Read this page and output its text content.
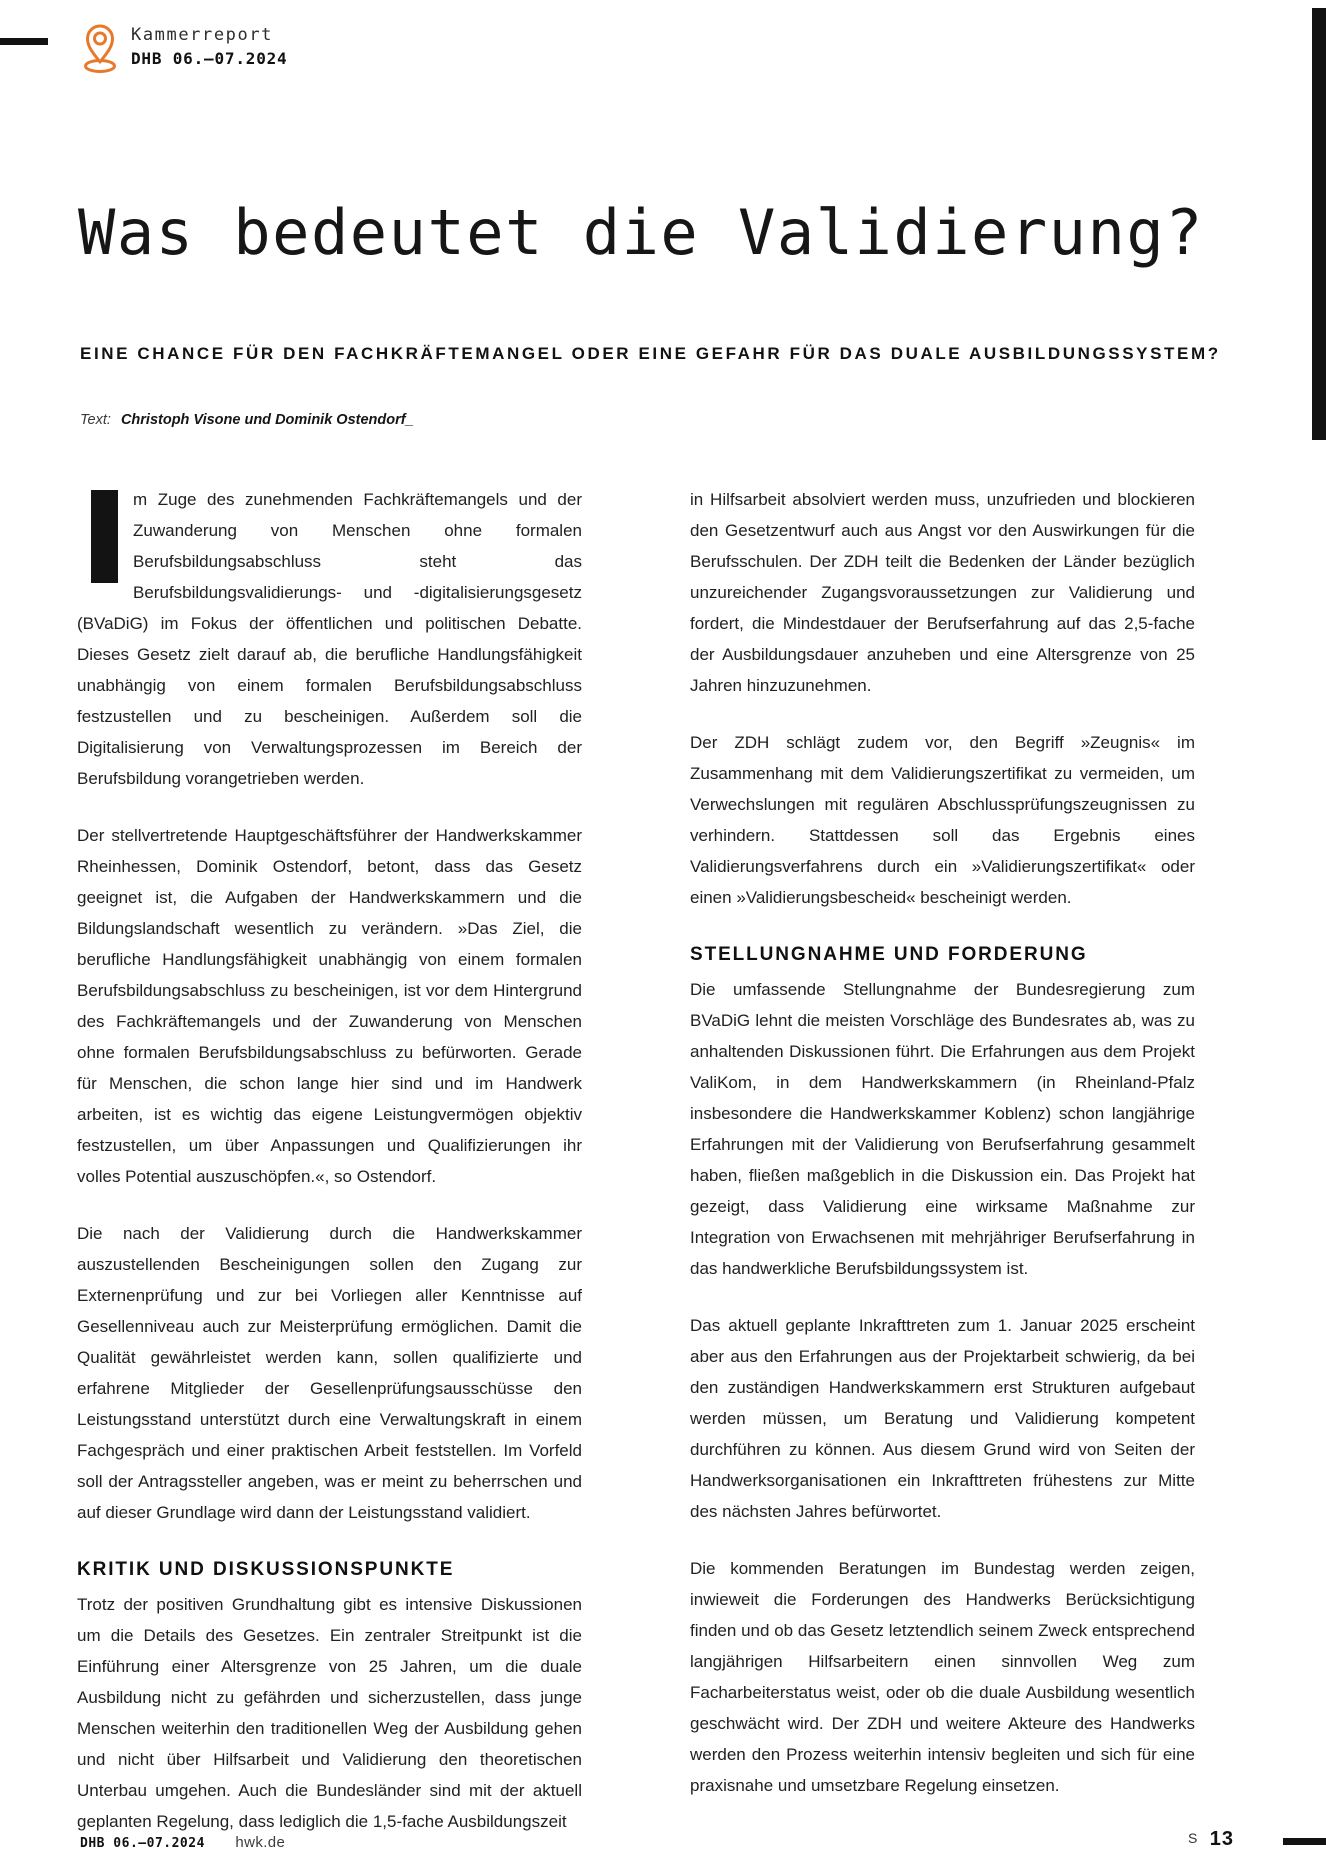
Kammerreport
DHB 06.–07.2024
Was bedeutet die Validierung?
EINE CHANCE FÜR DEN FACHKRÄFTEMANGEL ODER EINE GEFAHR FÜR DAS DUALE AUSBILDUNGSSYSTEM?

Text: Christoph Visone und Dominik Ostendorf_

m Zuge des zunehmenden Fachkräftemangels und der Zuwanderung von Menschen ohne formalen Berufsbildungsabschluss steht das Berufsbildungsvalidierungs- und -digitalisierungsgesetz (BVaDiG) im Fokus der öffentlichen und politischen Debatte. Dieses Gesetz zielt darauf ab, die berufliche Handlungsfähigkeit unabhängig von einem formalen Berufsbildungsabschluss festzustellen und zu bescheinigen. Außerdem soll die Digitalisierung von Verwaltungsprozessen im Bereich der Berufsbildung vorangetrieben werden.

Der stellvertretende Hauptgeschäftsführer der Handwerkskammer Rheinhessen, Dominik Ostendorf, betont, dass das Gesetz geeignet ist, die Aufgaben der Handwerkskammern und die Bildungslandschaft wesentlich zu verändern. »Das Ziel, die berufliche Handlungsfähigkeit unabhängig von einem formalen Berufsbildungsabschluss zu bescheinigen, ist vor dem Hintergrund des Fachkräftemangels und der Zuwanderung von Menschen ohne formalen Berufsbildungsabschluss zu befürworten. Gerade für Menschen, die schon lange hier sind und im Handwerk arbeiten, ist es wichtig das eigene Leistungvermögen objektiv festzustellen, um über Anpassungen und Qualifizierungen ihr volles Potential auszuschöpfen.«, so Ostendorf.

Die nach der Validierung durch die Handwerkskammer auszustellenden Bescheinigungen sollen den Zugang zur Externenprüfung und zur bei Vorliegen aller Kenntnisse auf Gesellenniveau auch zur Meisterprüfung ermöglichen. Damit die Qualität gewährleistet werden kann, sollen qualifizierte und erfahrene Mitglieder der Gesellenprüfungsausschüsse den Leistungsstand unterstützt durch eine Verwaltungskraft in einem Fachgespräch und einer praktischen Arbeit feststellen. Im Vorfeld soll der Antragssteller angeben, was er meint zu beherrschen und auf dieser Grundlage wird dann der Leistungsstand validiert.

KRITIK UND DISKUSSIONSPUNKTE

Trotz der positiven Grundhaltung gibt es intensive Diskussionen um die Details des Gesetzes. Ein zentraler Streitpunkt ist die Einführung einer Altersgrenze von 25 Jahren, um die duale Ausbildung nicht zu gefährden und sicherzustellen, dass junge Menschen weiterhin den traditionellen Weg der Ausbildung gehen und nicht über Hilfsarbeit und Validierung den theoretischen Unterbau umgehen. Auch die Bundesländer sind mit der aktuell geplanten Regelung, dass lediglich die 1,5-fache Ausbildungszeit

in Hilfsarbeit absolviert werden muss, unzufrieden und blockieren den Gesetzentwurf auch aus Angst vor den Auswirkungen für die Berufsschulen. Der ZDH teilt die Bedenken der Länder bezüglich unzureichender Zugangsvoraussetzungen zur Validierung und fordert, die Mindestdauer der Berufserfahrung auf das 2,5-fache der Ausbildungsdauer anzuheben und eine Altersgrenze von 25 Jahren hinzuzunehmen.

Der ZDH schlägt zudem vor, den Begriff »Zeugnis« im Zusammenhang mit dem Validierungszertifikat zu vermeiden, um Verwechslungen mit regulären Abschlussprüfungszeugnissen zu verhindern. Stattdessen soll das Ergebnis eines Validierungsverfahrens durch ein »Validierungszertifikat« oder einen »Validierungsbescheid« bescheinigt werden.

STELLUNGNAHME UND FORDERUNG

Die umfassende Stellungnahme der Bundesregierung zum BVaDiG lehnt die meisten Vorschläge des Bundesrates ab, was zu anhaltenden Diskussionen führt. Die Erfahrungen aus dem Projekt ValiKom, in dem Handwerkskammern (in Rheinland-Pfalz insbesondere die Handwerkskammer Koblenz) schon langjährige Erfahrungen mit der Validierung von Berufserfahrung gesammelt haben, fließen maßgeblich in die Diskussion ein. Das Projekt hat gezeigt, dass Validierung eine wirksame Maßnahme zur Integration von Erwachsenen mit mehrjähriger Berufserfahrung in das handwerkliche Berufsbildungssystem ist.

Das aktuell geplante Inkrafttreten zum 1. Januar 2025 erscheint aber aus den Erfahrungen aus der Projektarbeit schwierig, da bei den zuständigen Handwerkskammern erst Strukturen aufgebaut werden müssen, um Beratung und Validierung kompetent durchführen zu können. Aus diesem Grund wird von Seiten der Handwerksorganisationen ein Inkrafttreten frühestens zur Mitte des nächsten Jahres befürwortet.

Die kommenden Beratungen im Bundestag werden zeigen, inwieweit die Forderungen des Handwerks Berücksichtigung finden und ob das Gesetz letztendlich seinem Zweck entsprechend langjährigen Hilfsarbeitern einen sinnvollen Weg zum Facharbeiterstatus weist, oder ob die duale Ausbildung wesentlich geschwächt wird. Der ZDH und weitere Akteure des Handwerks werden den Prozess weiterhin intensiv begleiten und sich für eine praxisnahe und umsetzbare Regelung einsetzen.

DHB 06.–07.2024 hwk.de	S 13
